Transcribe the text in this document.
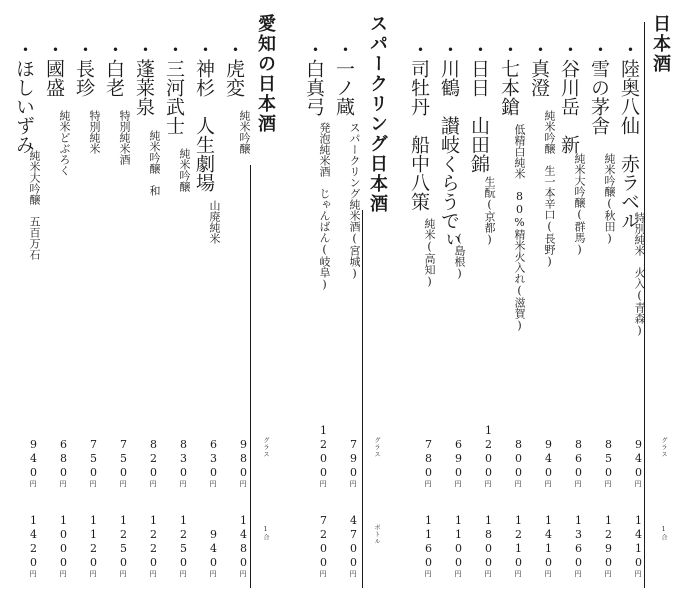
日本酒
スパークリング日本酒
愛知の日本酒
グラス
1合
グラス
ボトル
グラス
1合
・陸奥八仙　赤ラベル
特別純米　火入(青森)
・雪の茅舎
純米吟醸(秋田)
・谷川岳　新
純米大吟醸(群馬)
・真澄
純米吟醸　生一本辛口(長野)
・七本鎗
低精白純米　80%精米火入れ(滋賀)
・日日　山田錦
生酛(京都)
・川鶴　讃岐くらうでぃ
(島根)
・司牡丹　船中八策
純米(高知)
・一ノ蔵
スパークリング純米酒(宮城)
・白真弓
発泡純米酒　じゃんばん(岐阜)
・虎変
純米吟醸
・神杉　人生劇場
山廃純米
・三河武士
純米吟醸
・蓬莱泉
純米吟醸　和
・白老
特別純米酒
・長珍
特別純米
・國盛
純米どぶろく
・ほしいずみ
純米大吟醸　五百万石
940円
1410円
850円
1290円
860円
1360円
940円
1410円
800円
1210円
1200円
1800円
690円
1100円
780円
1160円
790円
4700円
1200円
7200円
980円
1480円
630円
940円
830円
1250円
820円
1220円
750円
1250円
750円
1120円
680円
1000円
940円
1420円
